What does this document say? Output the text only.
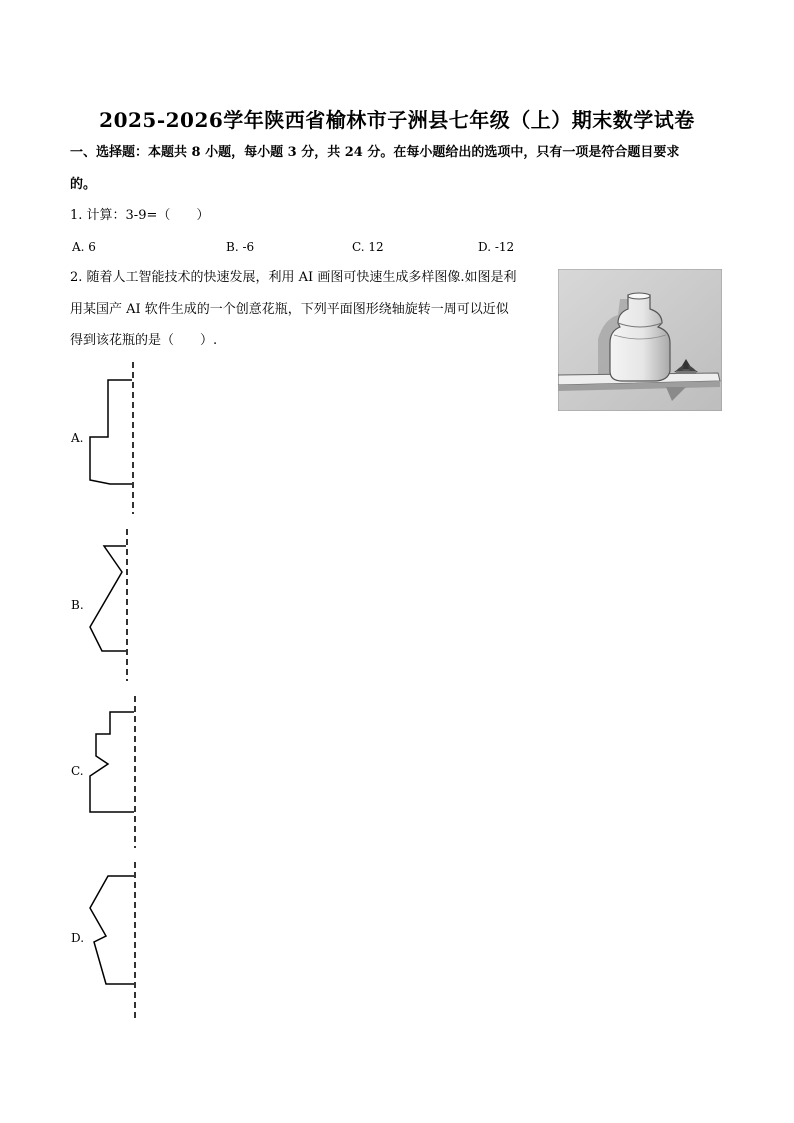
2025-2026学年陕西省榆林市子洲县七年级（上）期末数学试卷
一、选择题：本题共 8 小题，每小题 3 分，共 24 分。在每小题给出的选项中，只有一项是符合题目要求
的。
1. 计算：3-9=（　　）
A. 6	B. -6	C. 12	D. -12
2. 随着人工智能技术的快速发展，利用 AI 画图可快速生成多样图像.如图是利
用某国产 AI 软件生成的一个创意花瓶，下列平面图形绕轴旋转一周可以近似
得到该花瓶的是（　　）.
A.
B.
C.
D.
